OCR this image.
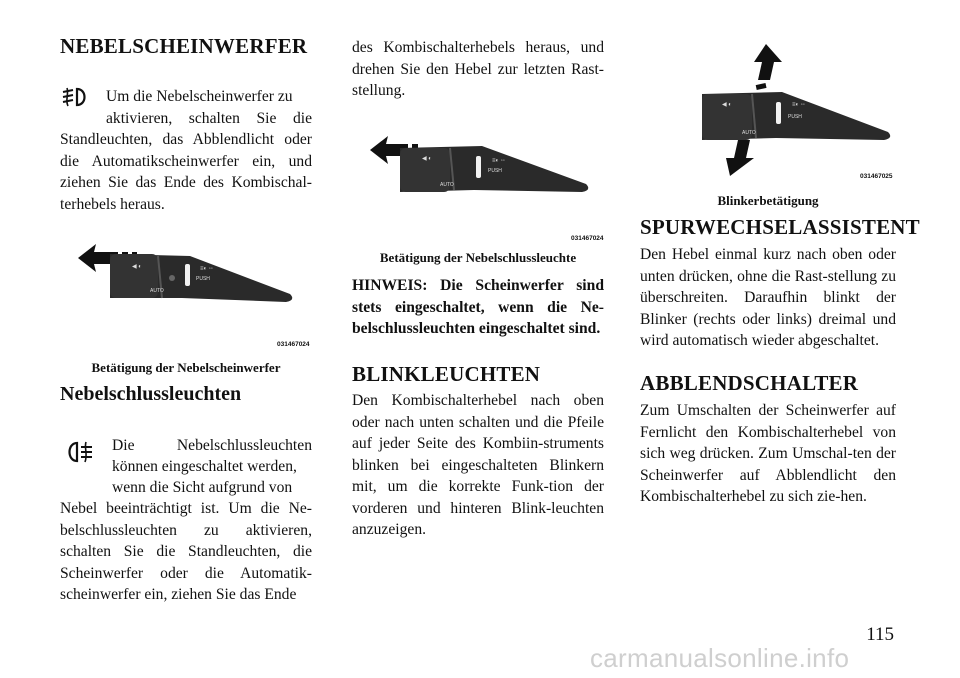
NEBELSCHEINWERFER

Um die Nebelscheinwerfer zu

aktivieren, schalten Sie die

Standleuchten, das Abblendlicht oder die Automatikscheinwerfer ein, und ziehen Sie das Ende des Kombischal-terhebels heraus.

◀ ◐
AUTO
PUSH
≡◐ ◦◦
031467024
Betätigung der Nebelscheinwerfer
Nebelschlussleuchten

Die Nebelschlussleuchten

können eingeschaltet werden,

wenn die Sicht aufgrund von

Nebel beeinträchtigt ist. Um die Ne-belschlussleuchten zu aktivieren, schalten Sie die Standleuchten, die Scheinwerfer oder die Automatik-scheinwerfer ein, ziehen Sie das Ende

des Kombischalterhebels heraus, und drehen Sie den Hebel zur letzten Rast-stellung.

◀ ◐
AUTO
PUSH
≡◐ ◦◦
031467024
Betätigung der Nebelschlussleuchte

HINWEIS: Die Scheinwerfer sind stets eingeschaltet, wenn die Ne-belschlussleuchten eingeschaltet sind.

BLINKLEUCHTEN

Den Kombischalterhebel nach oben oder nach unten schalten und die Pfeile auf jeder Seite des Kombiin-struments blinken bei eingeschalteten Blinkern mit, um die korrekte Funk-tion der vorderen und hinteren Blink-leuchten anzuzeigen.

◀ ◐
AUTO
PUSH
≡◐ ◦◦
031467025
Blinkerbetätigung
SPURWECHSELASSISTENT

Den Hebel einmal kurz nach oben oder unten drücken, ohne die Rast-stellung zu überschreiten. Daraufhin blinkt der Blinker (rechts oder links) dreimal und wird automatisch wieder abgeschaltet.

ABBLENDSCHALTER

Zum Umschalten der Scheinwerfer auf Fernlicht den Kombischalterhebel von sich weg drücken. Zum Umschal-ten der Scheinwerfer auf Abblendlicht den Kombischalterhebel zu sich zie-hen.

115
carmanualsonline.info
